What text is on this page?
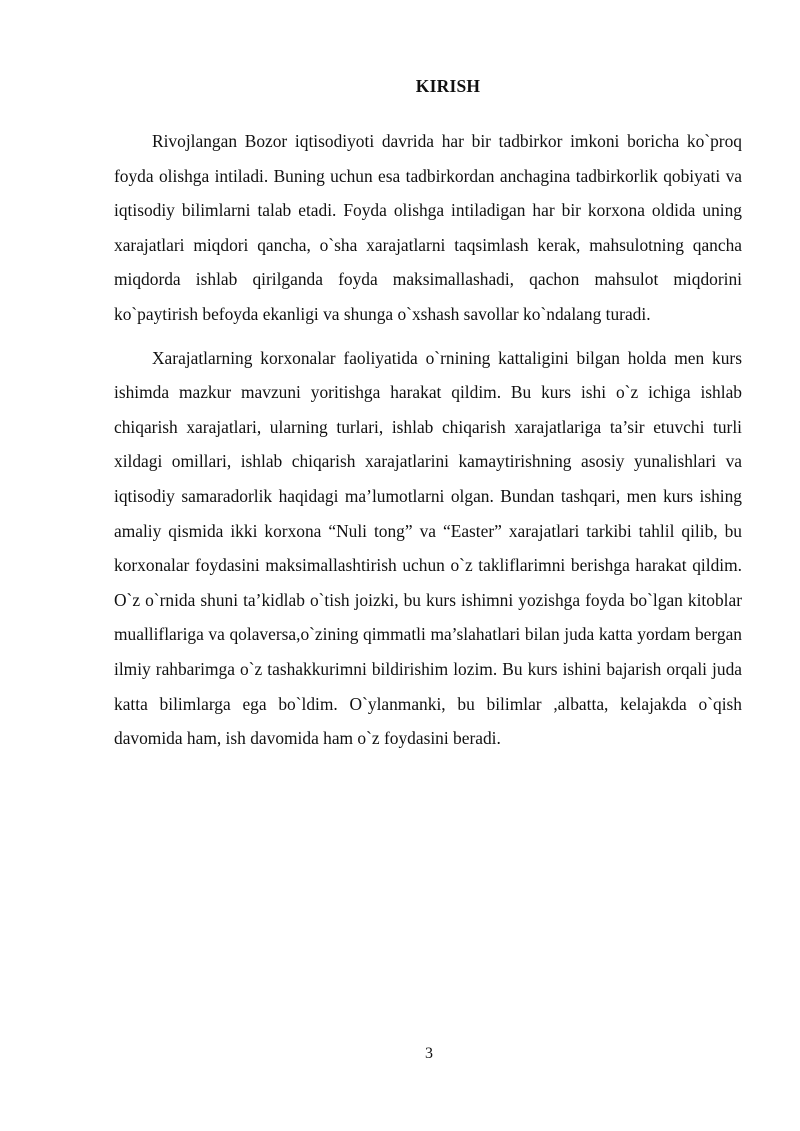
KIRISH

Rivojlangan Bozor iqtisodiyoti davrida har bir tadbirkor imkoni boricha ko`proq foyda olishga intiladi. Buning uchun esa tadbirkordan anchagina tadbirkorlik qobiyati va iqtisodiy bilimlarni talab etadi. Foyda olishga intiladigan har bir korxona oldida uning xarajatlari miqdori qancha, o`sha xarajatlarni taqsimlash kerak, mahsulotning qancha miqdorda ishlab qirilganda foyda maksimallashadi, qachon mahsulot miqdorini ko`paytirish befoyda ekanligi va shunga o`xshash savollar ko`ndalang turadi.

Xarajatlarning korxonalar faoliyatida o`rnining kattaligini bilgan holda men kurs ishimda mazkur mavzuni yoritishga harakat qildim. Bu kurs ishi o`z ichiga ishlab chiqarish xarajatlari, ularning turlari, ishlab chiqarish xarajatlariga ta’sir etuvchi turli xildagi omillari, ishlab chiqarish xarajatlarini kamaytirishning asosiy yunalishlari va iqtisodiy samaradorlik haqidagi ma’lumotlarni olgan. Bundan tashqari, men kurs ishing amaliy qismida ikki korxona “Nuli tong” va “Easter” xarajatlari tarkibi tahlil qilib, bu korxonalar foydasini maksimallashtirish uchun o`z takliflarimni berishga harakat qildim. O`z o`rnida shuni ta’kidlab o`tish joizki, bu kurs ishimni yozishga foyda bo`lgan kitoblar mualliflariga va qolaversa,o`zining qimmatli ma’slahatlari bilan juda katta yordam bergan ilmiy rahbarimga o`z tashakkurimni bildirishim lozim. Bu kurs ishini bajarish orqali juda katta bilimlarga ega bo`ldim. O`ylanmanki, bu bilimlar ,albatta, kelajakda o`qish davomida ham, ish davomida ham o`z foydasini beradi.

3
